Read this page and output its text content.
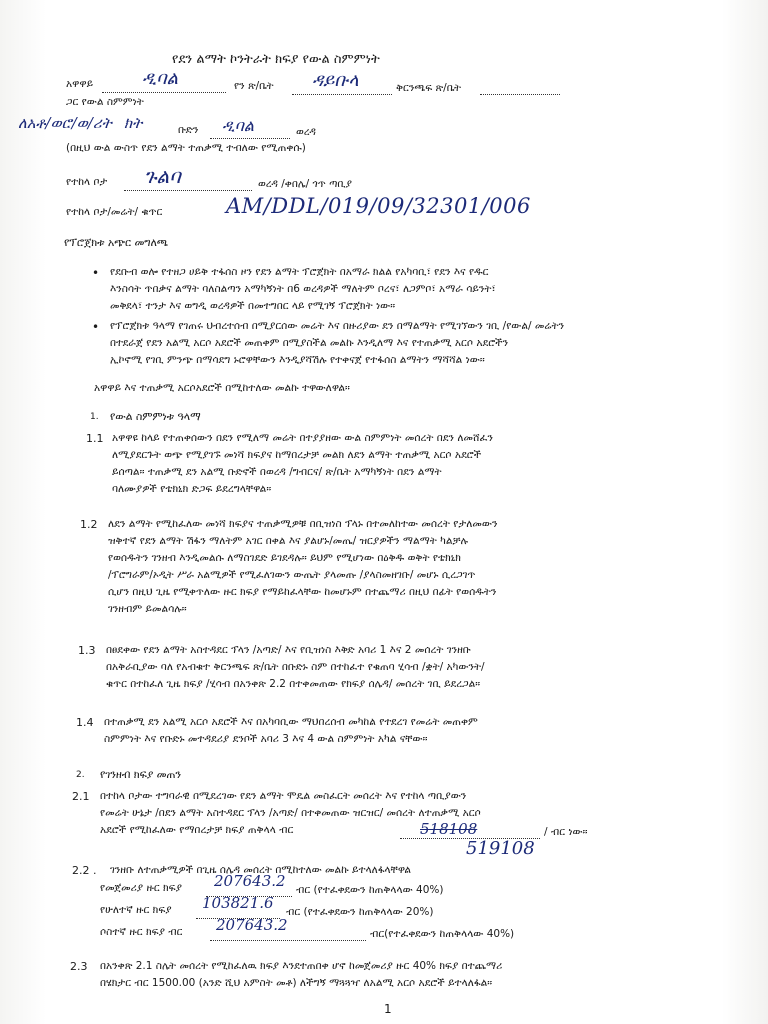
የደን ልማት ኮንትራት ክፍያ የውል ስምምነት
አዋዋይ	ዲባል	የን ጽ/ቤት ዳይቡላ	ቅርንጫፍ ጽ/ቤት
ጋር የውል ስምምነት
ለአቶ/ወሮ/ወ/ሪት ክት	ቡድን ዲባል	ወረዳ
(በዚህ ውል ውስጥ የደን ልማት ተጠቃሚ ተብለው የሚጠቀሱ)
የተከላ ቦታ ጉልባ	ወረዳ /ቀበሌ/ ጎጥ ጣቢያ
የተከላ ቦታ/መሬት/ ቁጥር	AM/DDL/019/09/32301/006
የፕሮጀክቱ አጭር መግለጫ
• የደቡብ ወሎ የተዘጋ ሀይቅ ተፋሰስ ዞን የደን ልማት ፕሮጀክት በአማራ ክልል የአካባቢ፣ የደን እና የዱር
እንስሳት ጥበቃና ልማት ባለስልጣን አማካኝነት በ6 ወረዳዎች ማለትም ቦረና፣ ለጋምቦ፣ አማራ ሳይንት፣
መቅደላ፣ ተንታ እና ወግዲ ወረዳዎች በመተግበር ላይ የሚገኝ ፕሮጀክት ነው።
• የፕሮጀክቱ ዓላማ የገጠሩ ህብረተሰብ በሚያርሰው መሬት እና በዙሪያው ደን በማልማት የሚገኘውን ገቢ /የውል/ መሬትን
በተደራጀ የደን አልሚ አርሶ አደሮች መጠቀም በሚያስችል መልኩ እንዲለማ እና የተጠቃሚ አርሶ አደሮችን
ኢኮኖሚ የገቢ ምንጭ በማሳደግ ኑሮዋቸውን እንዲያሻሽሉ የተቀናጀ የተፋሰስ ልማትን ማሻሻል ነው።
አዋዋይ እና ተጠቃሚ አርሶአደሮች በሚከተለው መልኩ ተዋውለዋል።
1. የውል ስምምነቱ ዓላማ
1.1 አዋዋዩ ከላይ የተጠቀሰውን በደን የሚለማ መሬት በተያያዘው ውል ስምምነት መሰረት በደን ለመሸፈን
ለሚያደርጉት ወጭ የሚያገኙ መነሻ ክፍያና ከማበረታቻ መልክ ለደን ልማት ተጠቃሚ አርሶ አደሮች
ይሰጣል። ተጠቃሚ ደን አልሚ ቡድኖች በወረዳ /ግብርና/ ጽ/ቤት አማካኝነት በደን ልማት
ባለሙያዎች የቴክኒክ ድጋፍ ይደረግላቸዋል።
1.2 ለደን ልማት የሚከፈለው መነሻ ክፍያና ተጠቃሚዎቹ በቢዝነስ ፕላኑ በተመለከተው መሰረት የታለመውን
ዝቅተኛ የደን ልማት ሽፋን ማለትም አገር በቀል እና ያልሆኑ/መጤ/ ዝርያዎችን ማልማት ካልቻሉ
የወሰዱትን ገንዘብ እንዲመልሱ ለማስገደድ ይገደዳሉ። ይህም የሚሆነው በዕቅዱ ወቅት የቴክኒክ
/ፕሮግራም/ኦዲት ሥራ አልሚዎች የሚፈለገውን ውጤት ያላመጡ /ያላስመዘገቡ/ መሆኑ ሲረጋገጥ
ሲሆን በዚህ ጊዜ የሚቀጥለው ዙር ክፍያ የማይከፈላቸው ከመሆኑም በተጨማሪ በዚህ በፊት የወሰዱትን
ገንዘብም ይመልሳሉ።
1.3 በፀደቀው የደን ልማት አስተዳደር ፕላን /አጣድ/ እና የቢዝነስ እቅድ አባሪ 1 እና 2 መሰረት ገንዘቡ
በአቅራቢያው ባለ የአብቁተ ቅርንጫፍ ጽ/ቤት በቡድኑ ስም በተከፈተ የቁጠባ ሂሳብ /ቋት/ አካውንት/
ቁጥር በተከፈለ ጊዜ ክፍያ /ሂሳብ በአንቀጽ 2.2 በተቀመጠው የክፍያ ሰሌዳ/ መሰረት ገቢ ይደረጋል።
1.4 በተጠቃሚ ደን አልሚ አርሶ አደሮች እና በአካባቢው ማህበረሰብ መካከል የተደረገ የመሬት መጠቀም
ስምምነት እና የቡድኑ መተዳደሪያ ደንቦች አባሪ 3 እና 4 ውል ስምምነት አካል ናቸው።
2. የገንዘብ ክፍያ መጠን
2.1 በተከላ ቦታው ተግባራዊ በሚደረገው የደን ልማት ሞዴል መስፈርት መሰረት እና የተከላ ጣቢያውን
የመሬት ሁኔታ /በደን ልማት አስተዳደር ፕላን /አጣድ/ በተቀመጠው ዝርዝር/ መሰረት ለተጠቃሚ አርሶ
አደሮች የሚከፈለው የማበረታቻ ክፍያ ጠቅላላ ብር	518108	/ ብር ነው።
519108
2.2 . ገንዘቡ ለተጠቃሚዎች በጊዜ ሰሌዳ መሰረት በሚከተለው መልኩ ይተላለፋላቸዋል
የመጀመሪያ ዙር ክፍያ 207643.2 ብር (የተፈቀደውን ከጠቅላላው 40%)
የሁለተኛ ዙር ክፍያ 103821.6 ብር (የተፈቀደውን ከጠቅላላው 20%)
ሶስተኛ ዙር ክፍያ ብር 207643.2	ብር(የተፈቀደውን ከጠቅላላው 40%)
2.3 በአንቀጽ 2.1 ስሌት መሰረት የሚከፈለዉ ክፍያ እንደተጠበቀ ሆኖ ከመጀመሪያ ዙር 40% ክፍያ በተጨማሪ
በሄክታር ብር 1500.00 (አንድ ሺህ አምስት መቶ) ለችግኝ ማጓጓዣ ለአልሚ አርሶ አደሮች ይተላለፋል።
1
